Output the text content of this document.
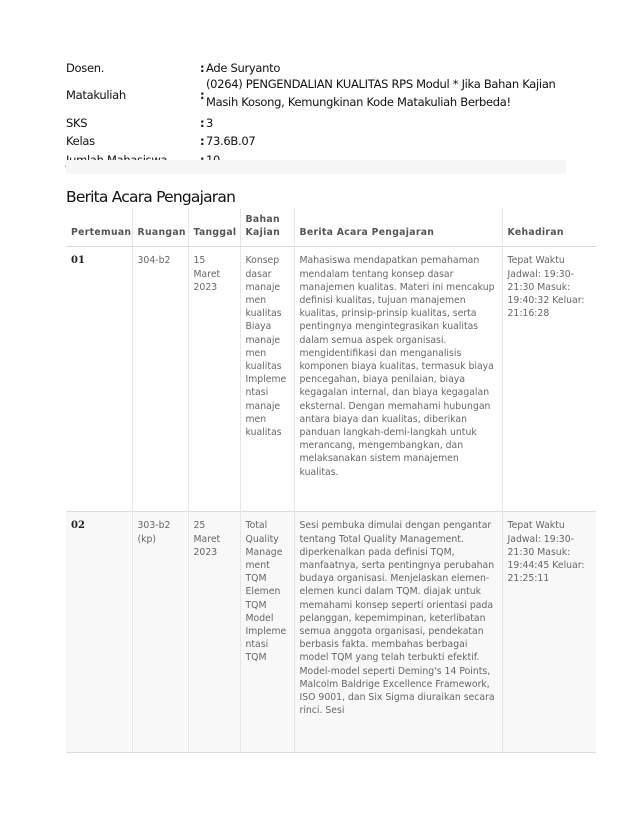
Dosen.	: Ade Suryanto
Matakuliah	:
(0264) PENGENDALIAN KUALITAS RPS Modul * Jika Bahan Kajian Masih Kosong, Kemungkinan Kode Matakuliah Berbeda!
SKS	: 3
Kelas	: 73.6B.07
Berita Acara Pengajaran
Pertemuan	Ruangan	Tanggal	Bahan Kajian	Berita Acara Pengajaran	Kehadiran
01	304-b2	15 Maret 2023	Konsep dasar manajemen kualitas Biaya manajemen kualitas Implementasi manajemen kualitas	Mahasiswa mendapatkan pemahaman mendalam tentang konsep dasar manajemen kualitas. Materi ini mencakup definisi kualitas, tujuan manajemen kualitas, prinsip-prinsip kualitas, serta pentingnya mengintegrasikan kualitas dalam semua aspek organisasi. mengidentifikasi dan menganalisis komponen biaya kualitas, termasuk biaya pencegahan, biaya penilaian, biaya kegagalan internal, dan biaya kegagalan eksternal. Dengan memahami hubungan antara biaya dan kualitas, diberikan panduan langkah-demi-langkah untuk merancang, mengembangkan, dan melaksanakan sistem manajemen kualitas.	Tepat Waktu Jadwal: 19:30-21:30 Masuk: 19:40:32 Keluar: 21:16:28
02	303-b2 (kp)	25 Maret 2023	Total Quality Management TQM Elemen TQM Model Implementasi TQM	Sesi pembuka dimulai dengan pengantar tentang Total Quality Management. diperkenalkan pada definisi TQM, manfaatnya, serta pentingnya perubahan budaya organisasi. Menjelaskan elemen-elemen kunci dalam TQM. diajak untuk memahami konsep seperti orientasi pada pelanggan, kepemimpinan, keterlibatan semua anggota organisasi, pendekatan berbasis fakta. membahas berbagai model TQM yang telah terbukti efektif. Model-model seperti Deming's 14 Points, Malcolm Baldrige Excellence Framework, ISO 9001, dan Six Sigma diuraikan secara rinci. Sesi	Tepat Waktu Jadwal: 19:30-21:30 Masuk: 19:44:45 Keluar: 21:25:11
